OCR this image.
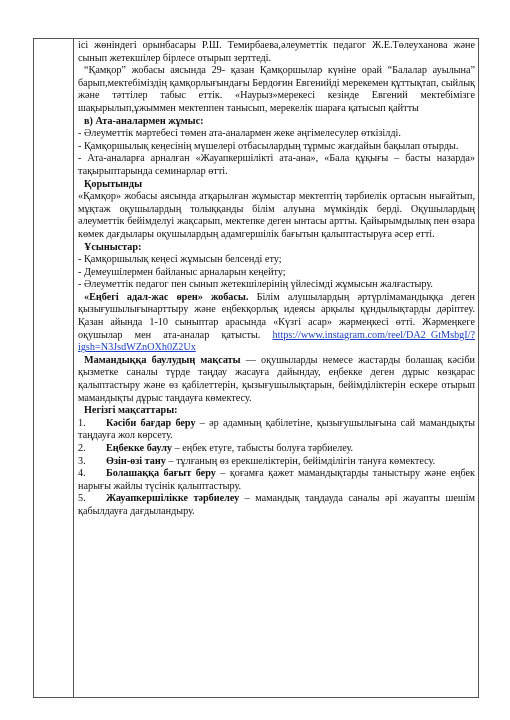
ісі жөніндегі орынбасары Р.Ш. Темирбаева,әлеуметтік педагог Ж.Е.Төлеуханова және сынып жетекшілер бірлесе отырып зерттеді.

“Қамқор” жобасы аясында 29- қазан Қамқоршылар күніне орай “Балалар ауылына” барып,мектебіміздің қамқорлығындағы Бердоғин Евгенийді мерекемен құттықтап, сыйлық және тәттілер табыс еттік. «Наурыз»мерекесі кезінде Евгений мектебімізге шақырылып,ұжыммен мектеппен танысып, мерекелік шараға қатысып қайтты

в) Ата-аналармен жұмыс:

- Әлеуметтік мәртебесі төмен ата-аналармен жеке әңгімелесулер өткізілді.

- Қамқоршылық кеңесінің мүшелері отбасылардың тұрмыс жағдайын бақылап отырды.

- Ата-аналарға арналған «Жауапкершілікті ата-ана», «Бала құқығы – басты назарда» тақырыптарында семинарлар өтті.

Қорытынды

«Қамқор» жобасы аясында атқарылған жұмыстар мектептің тәрбиелік ортасын нығайтып, мұқтаж оқушылардың толыққанды білім алуына мүмкіндік берді. Оқушылардың әлеуметтік бейімделуі жақсарып, мектепке деген ынтасы артты. Қайырымдылық пен өзара көмек дағдылары оқушылардың адамгершілік бағытын қалыптастыруға әсер етті.

Ұсыныстар:

- Қамқоршылық кеңесі жұмысын белсенді ету;

- Демеушілермен байланыс арналарын кеңейту;

- Әлеуметтік педагог пен сынып жетекшілерінің үйлесімді жұмысын жалғастыру.

«Еңбегі адал-жас өрен» жобасы. Білім алушылардың әртүрлімамандыққа деген қызығушылығынарттыру және еңбекқорлық идеясы арқылы құндылықтарды дәріптеу. Қазан айында 1-10 сыныптар арасында «Күзгі асар» жәрмеңкесі өтті. Жәрмеңкеге оқушылар мен ата-аналар қатысты. https://www.instagram.com/reel/DA2_GtMsbgI/?igsh=N3JsdWZnOXh0Z2Ux

Мамандыққа баулудың мақсаты — оқушыларды немесе жастарды болашақ кәсіби қызметке саналы түрде таңдау жасауға дайындау, еңбекке деген дұрыс көзқарас қалыптастыру және өз қабілеттерін, қызығушылықтарын, бейімділіктерін ескере отырып мамандықты дұрыс таңдауға көмектесу.

Негізгі мақсаттары:

1. Кәсіби бағдар беру – әр адамның қабілетіне, қызығушылығына сай мамандықты таңдауға жол көрсету.

2. Еңбекке баулу – еңбек етуге, табысты болуға тәрбиелеу.

3. Өзін-өзі тану – тұлғаның өз ерекшеліктерін, бейімділігін тануға көмектесу.

4. Болашаққа бағыт беру – қоғамға қажет мамандықтарды таныстыру және еңбек нарығы жайлы түсінік қалыптастыру.

5. Жауапкершілікке тәрбиелеу – мамандық таңдауда саналы әрі жауапты шешім қабылдауға дағдыландыру.
